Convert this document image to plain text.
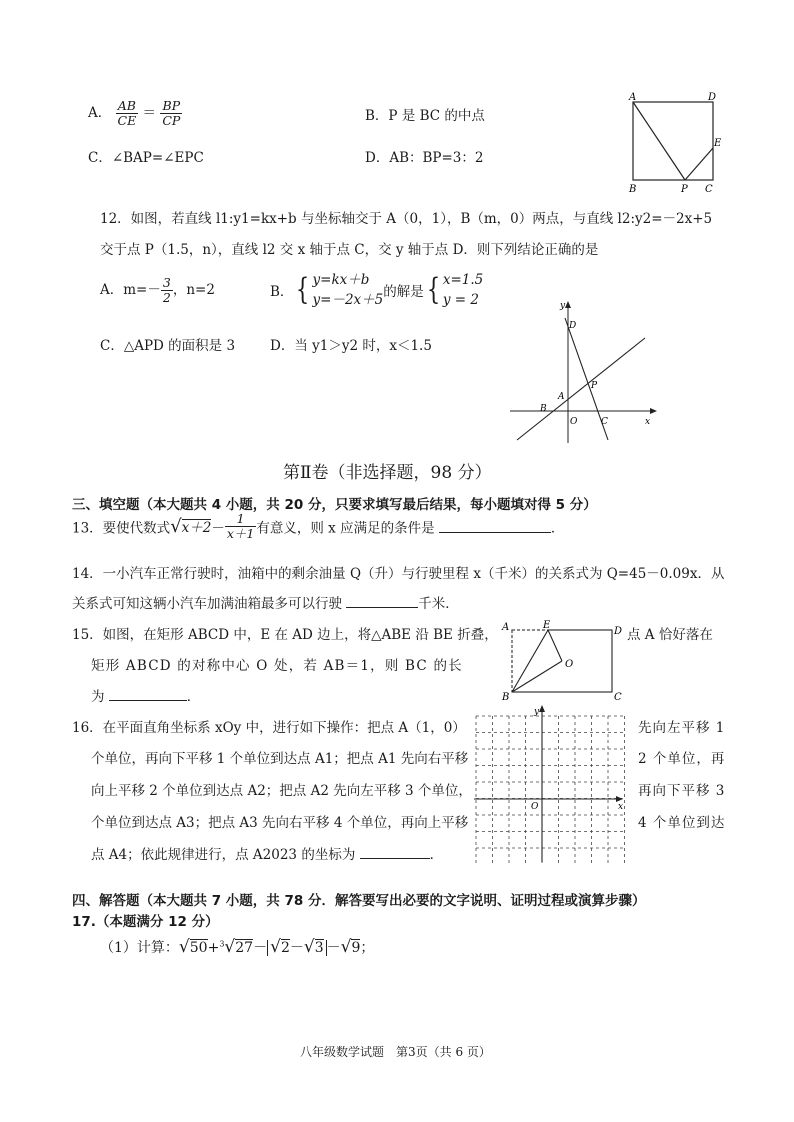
A． $\frac{AB}{CE} = \frac{BP}{CP}$	B．P 是 BC 的中点
C．∠BAP=∠EPC	D．AB：BP=3：2
A	D
E
B	P C
12．如图，若直线 l1:y1=kx+b 与坐标轴交于 A（0，1），B（m，0）两点，与直线 l2:y2=－2x+5
交于点 P（1.5，n），直线 l2 交 x 轴于点 C，交 y 轴于点 D．则下列结论正确的是
A．$m=- \frac{3}{2}$ ，n=2	B．{ y=kx＋b
y=－2x＋5 的解是{ x=1.5
y = 2
C．△APD 的面积是 3	D．当 y1＞y2 时，x＜1.5
y
D
P
A
B
O	C	x
第Ⅱ卷（非选择题，98 分）
三、填空题（本大题共 4 小题，共 20 分，只要求填写最后结果，每小题填对得 5 分）
13．要使代数式$√x+2- \frac{1}{x+1}$ 有意义，则 x 应满足的条件是	．
14．一小汽车正常行驶时，油箱中的剩余油量 Q（升）与行驶里程 x（千米）的关系式为 Q=45－0.09x．从
关系式可知这辆小汽车加满油箱最多可以行驶	千米．
15．如图，在矩形 ABCD 中，E 在 AD 边上，将△ABE 沿 BE 折叠，	点 A 恰好落在
矩形 ABCD 的对称中心 O 处，若 AB＝1，则 BC 的长
为	．
A	E
D
O
B	C
16．在平面直角坐标系 xOy 中，进行如下操作：把点 A（1，0）	先向左平移 1
个单位，再向下平移 1 个单位到达点 A1；把点 A1 先向右平移	2 个单位，再
向上平移 2 个单位到达点 A2；把点 A2 先向左平移 3 个单位，	再向下平移 3
个单位到达点 A3；把点 A3 先向右平移 4 个单位，再向上平移	4 个单位到达
点 A4；依此规律进行，点 A2023 的坐标为	．
y
O	x
四、解答题（本大题共 7 小题，共 78 分．解答要写出必要的文字说明、证明过程或演算步骤）
17.（本题满分 12 分）
（1）计算：√50+$^3$√27－ √2－√3 －√9；
八年级数学试题　第3页（共 6 页）
